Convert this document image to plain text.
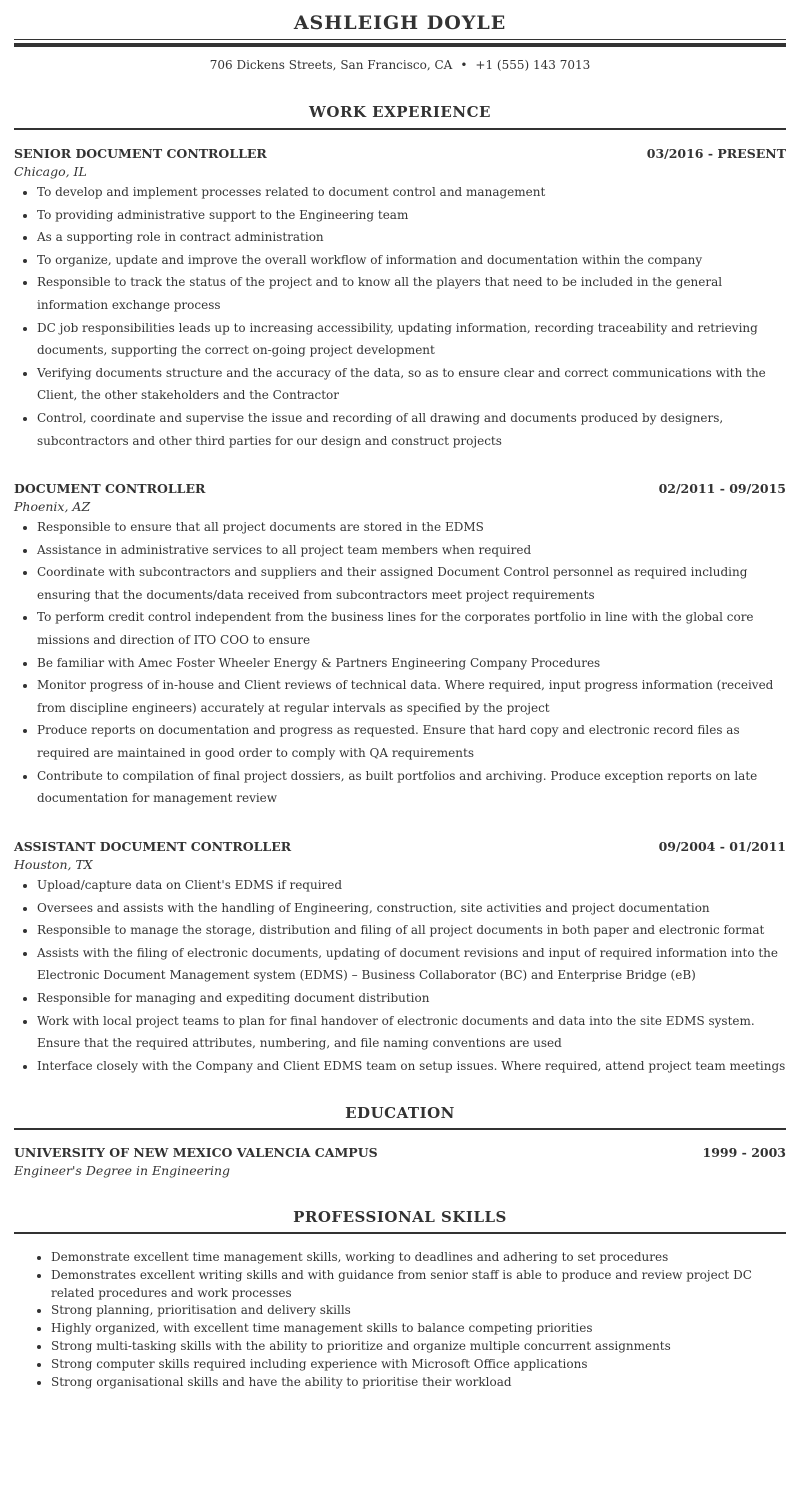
ASHLEIGH DOYLE
706 Dickens Streets, San Francisco, CA • +1 (555) 143 7013
WORK EXPERIENCE
SENIOR DOCUMENT CONTROLLER	03/2016 - PRESENT
Chicago, IL
• To develop and implement processes related to document control and management
• To providing administrative support to the Engineering team
• As a supporting role in contract administration
• To organize, update and improve the overall workflow of information and documentation within the company
• Responsible to track the status of the project and to know all the players that need to be included in the general information exchange process
• DC job responsibilities leads up to increasing accessibility, updating information, recording traceability and retrieving documents, supporting the correct on-going project development
• Verifying documents structure and the accuracy of the data, so as to ensure clear and correct communications with the Client, the other stakeholders and the Contractor
• Control, coordinate and supervise the issue and recording of all drawing and documents produced by designers, subcontractors and other third parties for our design and construct projects
DOCUMENT CONTROLLER	02/2011 - 09/2015
Phoenix, AZ
• Responsible to ensure that all project documents are stored in the EDMS
• Assistance in administrative services to all project team members when required
• Coordinate with subcontractors and suppliers and their assigned Document Control personnel as required including ensuring that the documents/data received from subcontractors meet project requirements
• To perform credit control independent from the business lines for the corporates portfolio in line with the global core missions and direction of ITO COO to ensure
• Be familiar with Amec Foster Wheeler Energy & Partners Engineering Company Procedures
• Monitor progress of in-house and Client reviews of technical data. Where required, input progress information (received from discipline engineers) accurately at regular intervals as specified by the project
• Produce reports on documentation and progress as requested. Ensure that hard copy and electronic record files as required are maintained in good order to comply with QA requirements
• Contribute to compilation of final project dossiers, as built portfolios and archiving. Produce exception reports on late documentation for management review
ASSISTANT DOCUMENT CONTROLLER	09/2004 - 01/2011
Houston, TX
• Upload/capture data on Client's EDMS if required
• Oversees and assists with the handling of Engineering, construction, site activities and project documentation
• Responsible to manage the storage, distribution and filing of all project documents in both paper and electronic format
• Assists with the filing of electronic documents, updating of document revisions and input of required information into the Electronic Document Management system (EDMS) – Business Collaborator (BC) and Enterprise Bridge (eB)
• Responsible for managing and expediting document distribution
• Work with local project teams to plan for final handover of electronic documents and data into the site EDMS system. Ensure that the required attributes, numbering, and file naming conventions are used
• Interface closely with the Company and Client EDMS team on setup issues. Where required, attend project team meetings
EDUCATION
UNIVERSITY OF NEW MEXICO VALENCIA CAMPUS	1999 - 2003
Engineer's Degree in Engineering
PROFESSIONAL SKILLS
• Demonstrate excellent time management skills, working to deadlines and adhering to set procedures
• Demonstrates excellent writing skills and with guidance from senior staff is able to produce and review project DC related procedures and work processes
• Strong planning, prioritisation and delivery skills
• Highly organized, with excellent time management skills to balance competing priorities
• Strong multi-tasking skills with the ability to prioritize and organize multiple concurrent assignments
• Strong computer skills required including experience with Microsoft Office applications
• Strong organisational skills and have the ability to prioritise their workload
